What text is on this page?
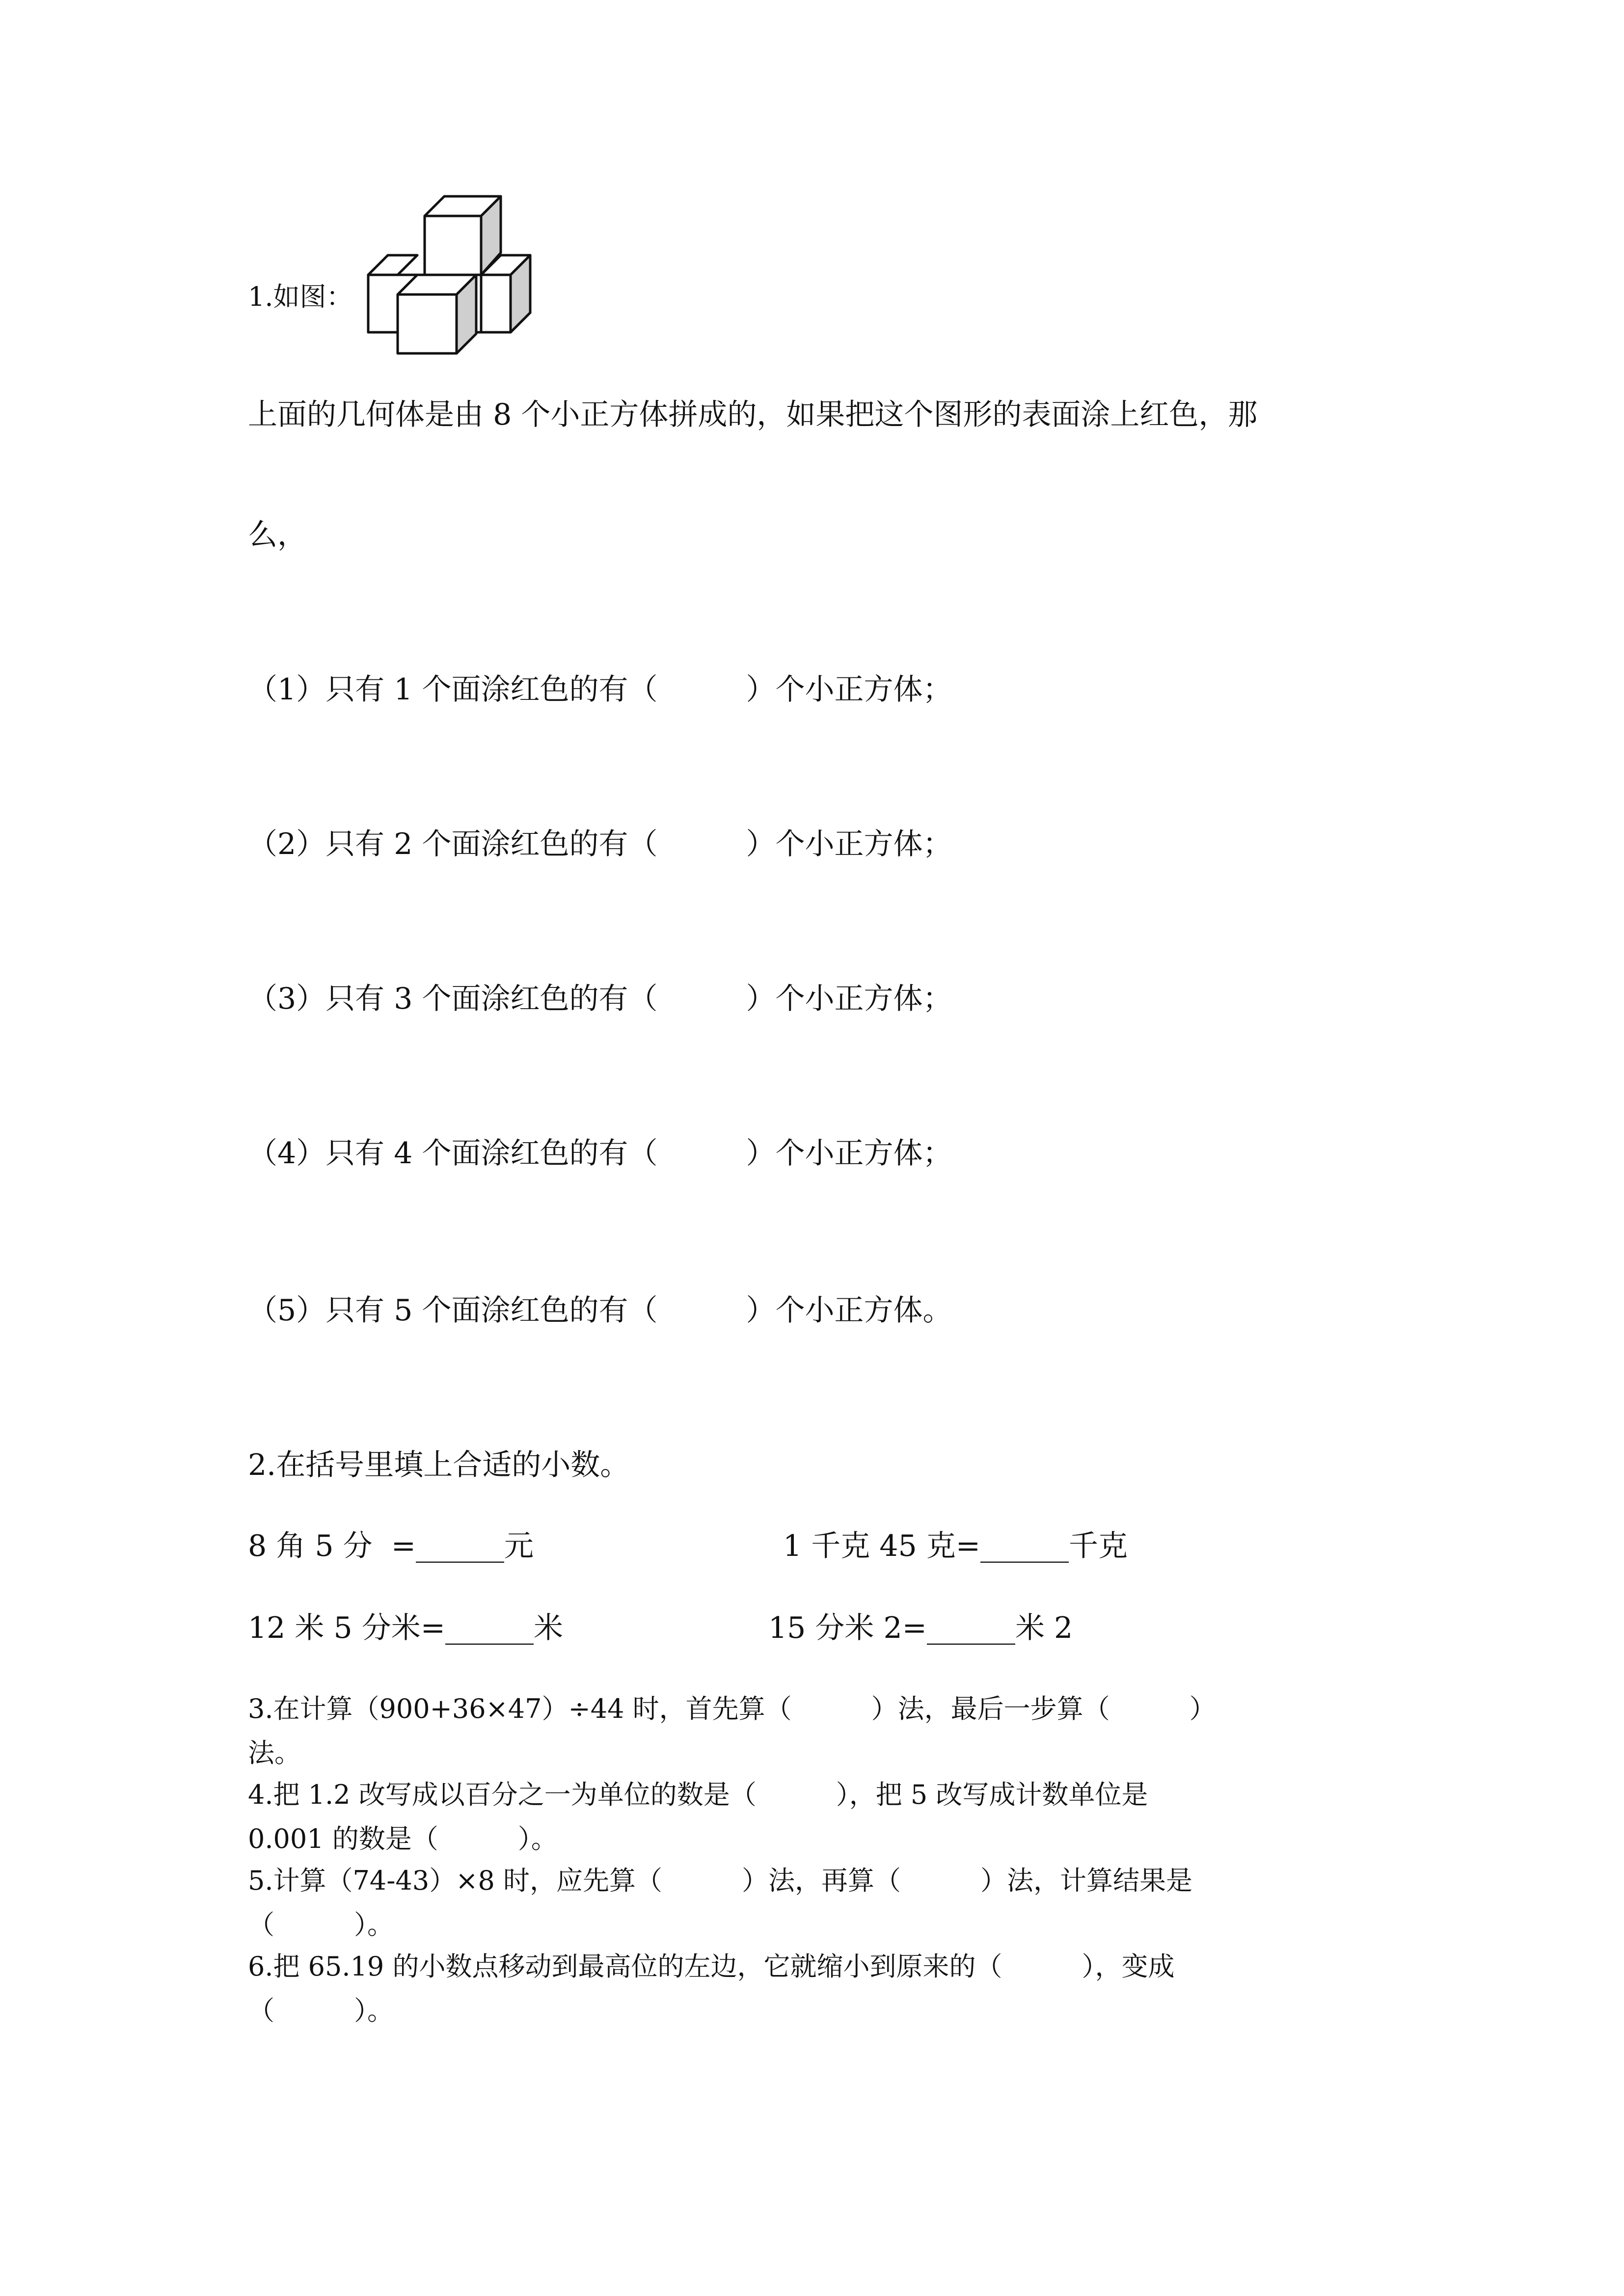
1.如图：
上面的几何体是由 8 个小正方体拼成的，如果把这个图形的表面涂上红色，那
么，
（1）只有 1 个面涂红色的有（　　　）个小正方体；
（2）只有 2 个面涂红色的有（　　　）个小正方体；
（3）只有 3 个面涂红色的有（　　　）个小正方体；
（4）只有 4 个面涂红色的有（　　　）个小正方体；
（5）只有 5 个面涂红色的有（　　　）个小正方体。
2.在括号里填上合适的小数。
8 角 5 分  =______元	1 千克 45 克=______千克
12 米 5 分米=______米	15 分米 2=______米 2
3.在计算（900+36×47）÷44 时，首先算（　　　）法，最后一步算（　　　）
法。
4.把 1.2 改写成以百分之一为单位的数是（　　　），把 5 改写成计数单位是
0.001 的数是（　　　）。
5.计算（74-43）×8 时，应先算（　　　）法，再算（　　　）法，计算结果是
（　　　）。
6.把 65.19 的小数点移动到最高位的左边，它就缩小到原来的（　　　），变成
（　　　）。
